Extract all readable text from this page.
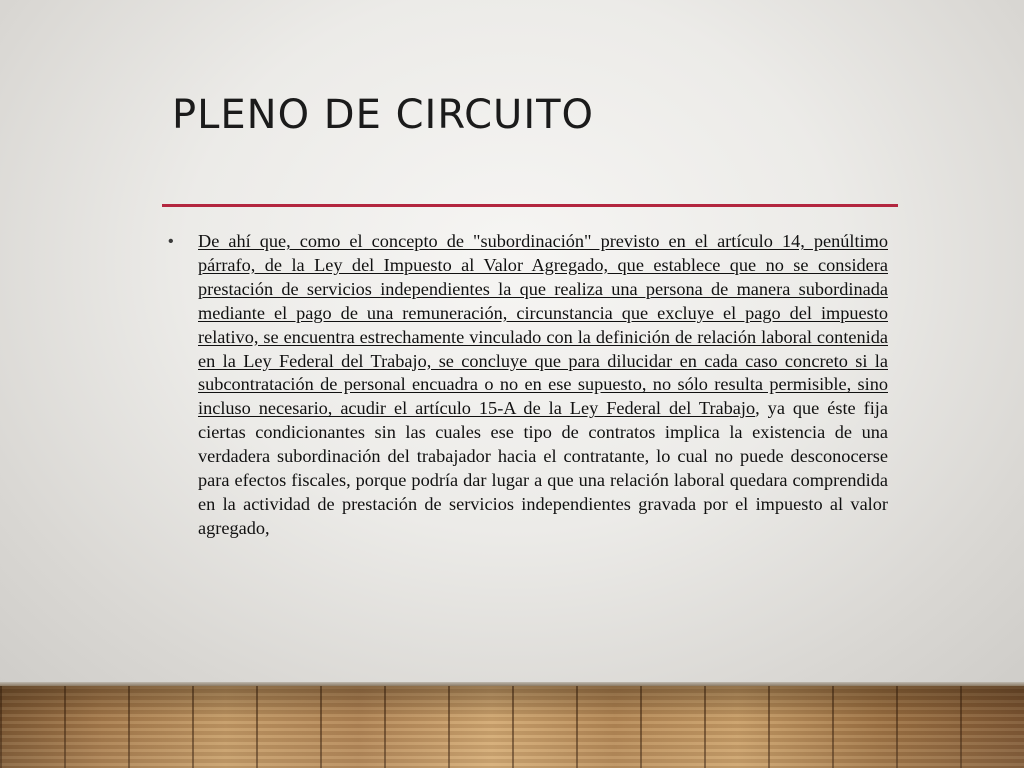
PLENO DE CIRCUITO
• De ahí que, como el concepto de "subordinación" previsto en el artículo 14, penúltimo párrafo, de la Ley del Impuesto al Valor Agregado, que establece que no se considera prestación de servicios independientes la que realiza una persona de manera subordinada mediante el pago de una remuneración, circunstancia que excluye el pago del impuesto relativo, se encuentra estrechamente vinculado con la definición de relación laboral contenida en la Ley Federal del Trabajo, se concluye que para dilucidar en cada caso concreto si la subcontratación de personal encuadra o no en ese supuesto, no sólo resulta permisible, sino incluso necesario, acudir el artículo 15-A de la Ley Federal del Trabajo, ya que éste fija ciertas condicionantes sin las cuales ese tipo de contratos implica la existencia de una verdadera subordinación del trabajador hacia el contratante, lo cual no puede desconocerse para efectos fiscales, porque podría dar lugar a que una relación laboral quedara comprendida en la actividad de prestación de servicios independientes gravada por el impuesto al valor agregado,
